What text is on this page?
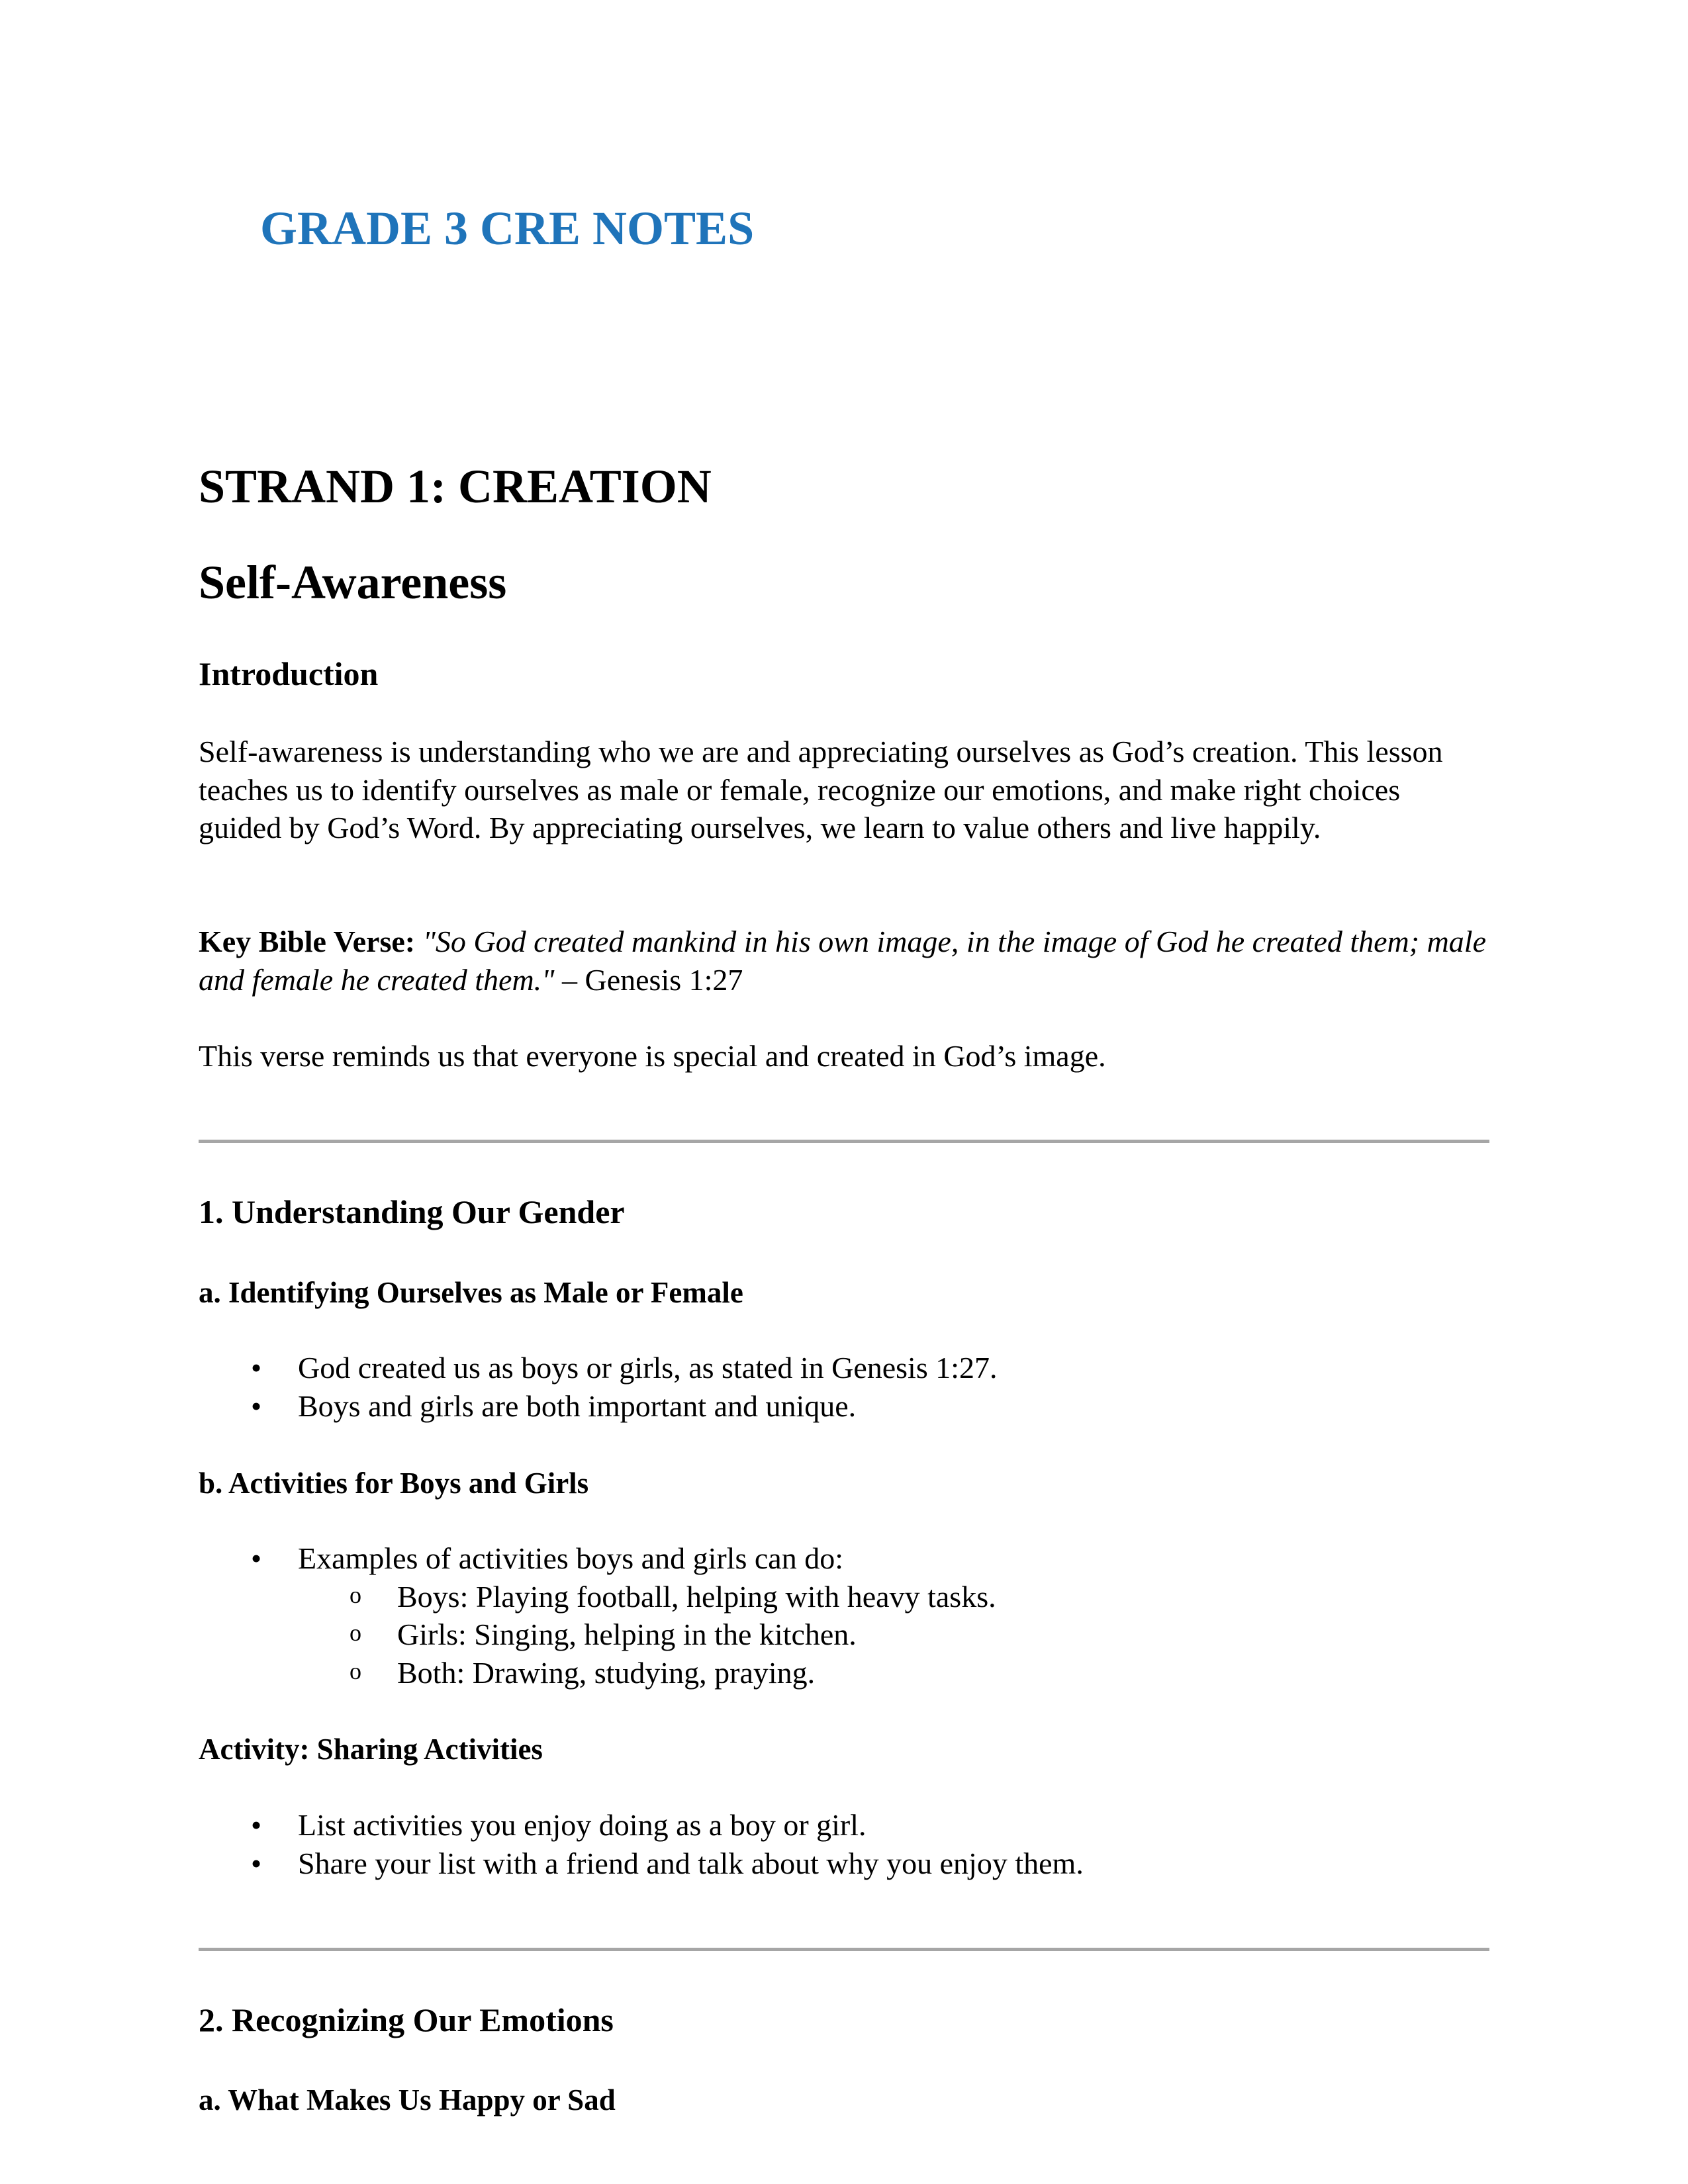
GRADE 3 CRE NOTES
STRAND 1: CREATION
Self-Awareness
Introduction

Self-awareness is understanding who we are and appreciating ourselves as God’s creation. This lesson teaches us to identify ourselves as male or female, recognize our emotions, and make right choices guided by God’s Word. By appreciating ourselves, we learn to value others and live happily.

Key Bible Verse: "So God created mankind in his own image, in the image of God he created them; male and female he created them." – Genesis 1:27

This verse reminds us that everyone is special and created in God’s image.

1. Understanding Our Gender
a. Identifying Ourselves as Male or Female
• God created us as boys or girls, as stated in Genesis 1:27.
• Boys and girls are both important and unique.
b. Activities for Boys and Girls
• Examples of activities boys and girls can do:
o Boys: Playing football, helping with heavy tasks.
o Girls: Singing, helping in the kitchen.
o Both: Drawing, studying, praying.
Activity: Sharing Activities
• List activities you enjoy doing as a boy or girl.
• Share your list with a friend and talk about why you enjoy them.
2. Recognizing Our Emotions
a. What Makes Us Happy or Sad
